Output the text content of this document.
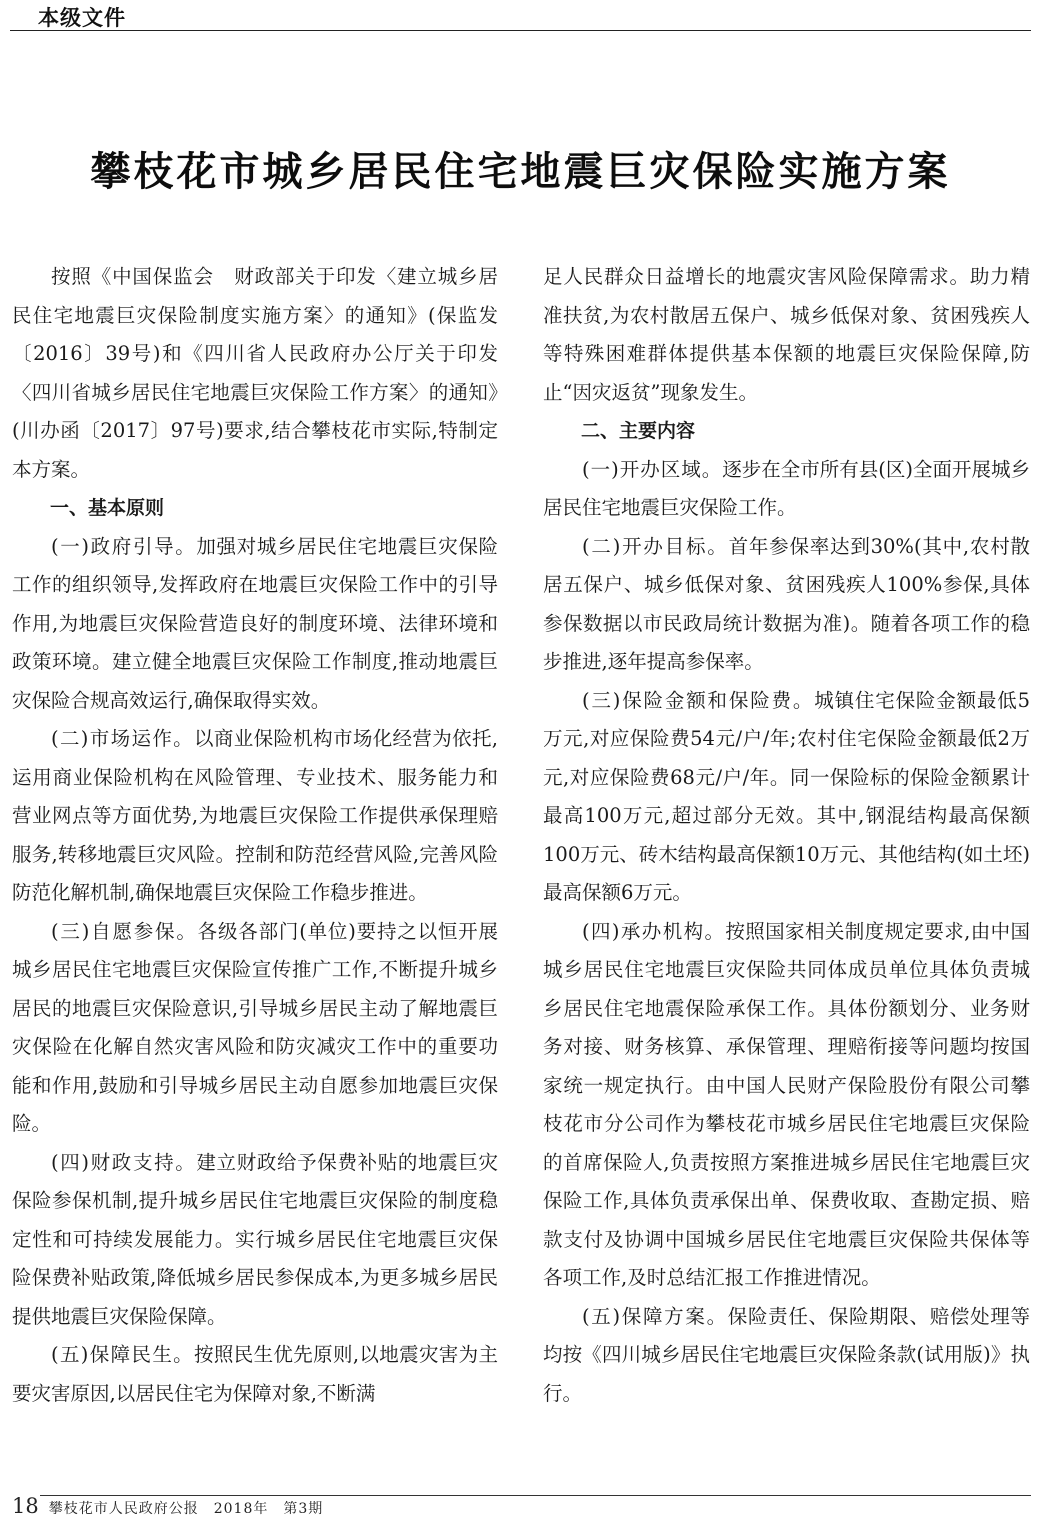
本级文件
攀枝花市城乡居民住宅地震巨灾保险实施方案

按照《中国保监会　财政部关于印发〈建立城乡居民住宅地震巨灾保险制度实施方案〉的通知》(保监发〔2016〕39号)和《四川省人民政府办公厅关于印发〈四川省城乡居民住宅地震巨灾保险工作方案〉的通知》(川办函〔2017〕97号)要求,结合攀枝花市实际,特制定本方案。

一、基本原则

(一)政府引导。加强对城乡居民住宅地震巨灾保险工作的组织领导,发挥政府在地震巨灾保险工作中的引导作用,为地震巨灾保险营造良好的制度环境、法律环境和政策环境。建立健全地震巨灾保险工作制度,推动地震巨灾保险合规高效运行,确保取得实效。

(二)市场运作。以商业保险机构市场化经营为依托,运用商业保险机构在风险管理、专业技术、服务能力和营业网点等方面优势,为地震巨灾保险工作提供承保理赔服务,转移地震巨灾风险。控制和防范经营风险,完善风险防范化解机制,确保地震巨灾保险工作稳步推进。

(三)自愿参保。各级各部门(单位)要持之以恒开展城乡居民住宅地震巨灾保险宣传推广工作,不断提升城乡居民的地震巨灾保险意识,引导城乡居民主动了解地震巨灾保险在化解自然灾害风险和防灾减灾工作中的重要功能和作用,鼓励和引导城乡居民主动自愿参加地震巨灾保险。

(四)财政支持。建立财政给予保费补贴的地震巨灾保险参保机制,提升城乡居民住宅地震巨灾保险的制度稳定性和可持续发展能力。实行城乡居民住宅地震巨灾保险保费补贴政策,降低城乡居民参保成本,为更多城乡居民提供地震巨灾保险保障。

(五)保障民生。按照民生优先原则,以地震灾害为主要灾害原因,以居民住宅为保障对象,不断满

足人民群众日益增长的地震灾害风险保障需求。助力精准扶贫,为农村散居五保户、城乡低保对象、贫困残疾人等特殊困难群体提供基本保额的地震巨灾保险保障,防止“因灾返贫”现象发生。

二、主要内容

(一)开办区域。逐步在全市所有县(区)全面开展城乡居民住宅地震巨灾保险工作。

(二)开办目标。首年参保率达到30%(其中,农村散居五保户、城乡低保对象、贫困残疾人100%参保,具体参保数据以市民政局统计数据为准)。随着各项工作的稳步推进,逐年提高参保率。

(三)保险金额和保险费。城镇住宅保险金额最低5万元,对应保险费54元/户/年;农村住宅保险金额最低2万元,对应保险费68元/户/年。同一保险标的保险金额累计最高100万元,超过部分无效。其中,钢混结构最高保额100万元、砖木结构最高保额10万元、其他结构(如土坯)最高保额6万元。

(四)承办机构。按照国家相关制度规定要求,由中国城乡居民住宅地震巨灾保险共同体成员单位具体负责城乡居民住宅地震保险承保工作。具体份额划分、业务财务对接、财务核算、承保管理、理赔衔接等问题均按国家统一规定执行。由中国人民财产保险股份有限公司攀枝花市分公司作为攀枝花市城乡居民住宅地震巨灾保险的首席保险人,负责按照方案推进城乡居民住宅地震巨灾保险工作,具体负责承保出单、保费收取、查勘定损、赔款支付及协调中国城乡居民住宅地震巨灾保险共保体等各项工作,及时总结汇报工作推进情况。

(五)保障方案。保险责任、保险期限、赔偿处理等均按《四川城乡居民住宅地震巨灾保险条款(试用版)》执行。

18 攀枝花市人民政府公报　2018年　第3期
